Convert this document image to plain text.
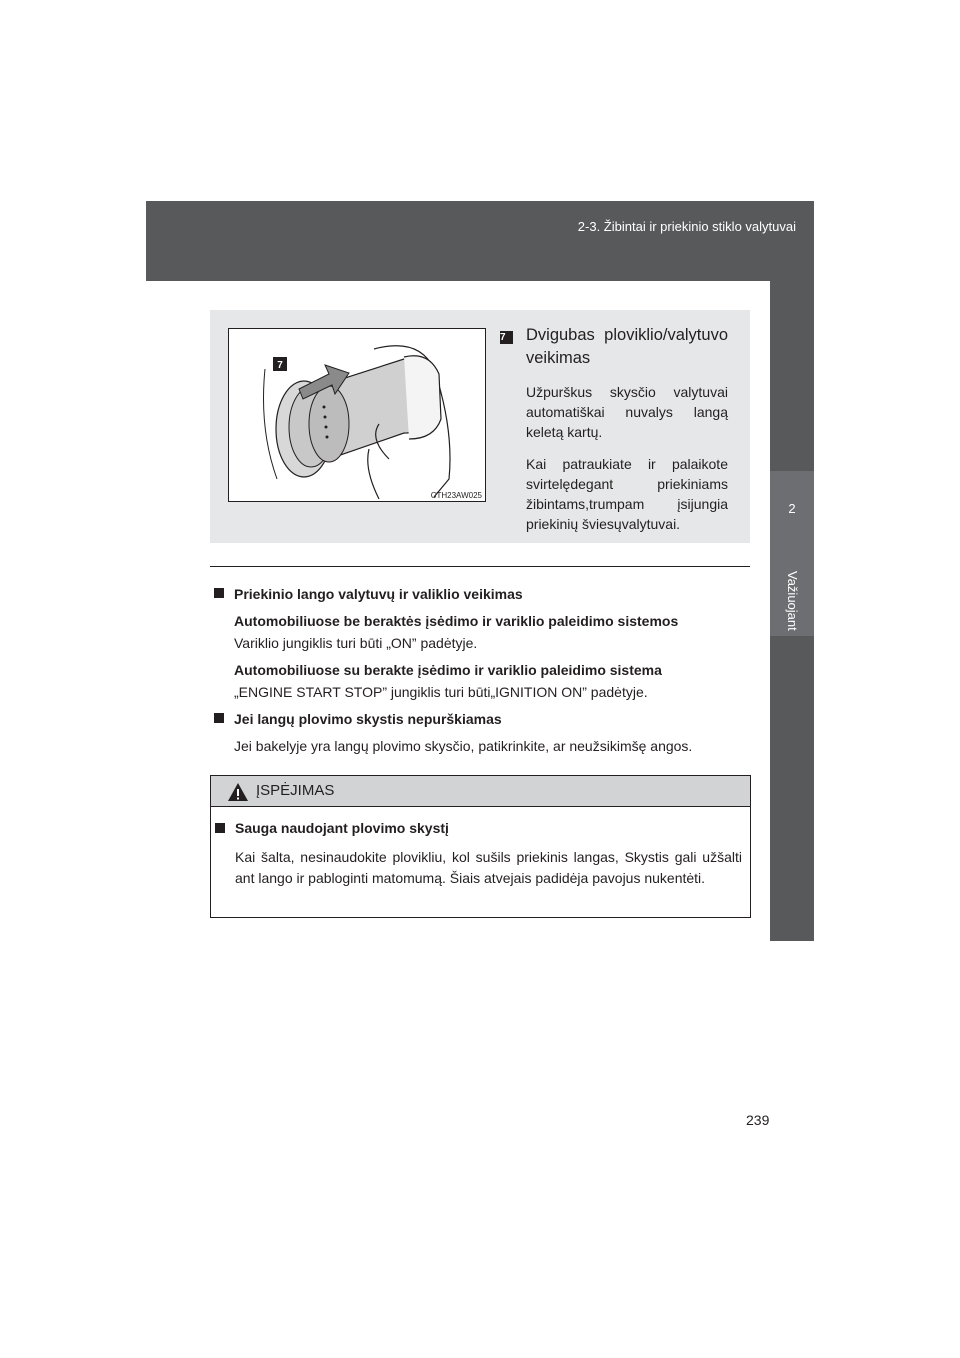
2-3. Žibintai ir priekinio stiklo valytuvai
2
Važiuojant
7
CTH23AW025

7	Dvigubas ploviklio/valytuvo veikimas

Užpurškus skysčio valytuvai automatiškai nuvalys langą keletą kartų.

Kai patraukiate ir palaikote svirtelędegant priekiniams žibintams,trumpam įsijungia priekinių šviesųvalytuvai.

Priekinio lango valytuvų ir valiklio veikimas

Automobiliuose be beraktės įsėdimo ir variklio paleidimo sistemos

Variklio jungiklis turi būti „ON” padėtyje.

Automobiliuose su berakte įsėdimo ir variklio paleidimo sistema

„ENGINE START STOP” jungiklis turi būti„IGNITION ON” padėtyje.

Jei langų plovimo skystis nepurškiamas

Jei bakelyje yra langų plovimo skysčio, patikrinkite, ar neužsikimšę angos.

ĮSPĖJIMAS

Sauga naudojant plovimo skystį

Kai šalta, nesinaudokite plovikliu, kol sušils priekinis langas, Skystis gali užšalti ant lango ir pabloginti matomumą. Šiais atvejais padidėja pavojus nukentėti.

239
